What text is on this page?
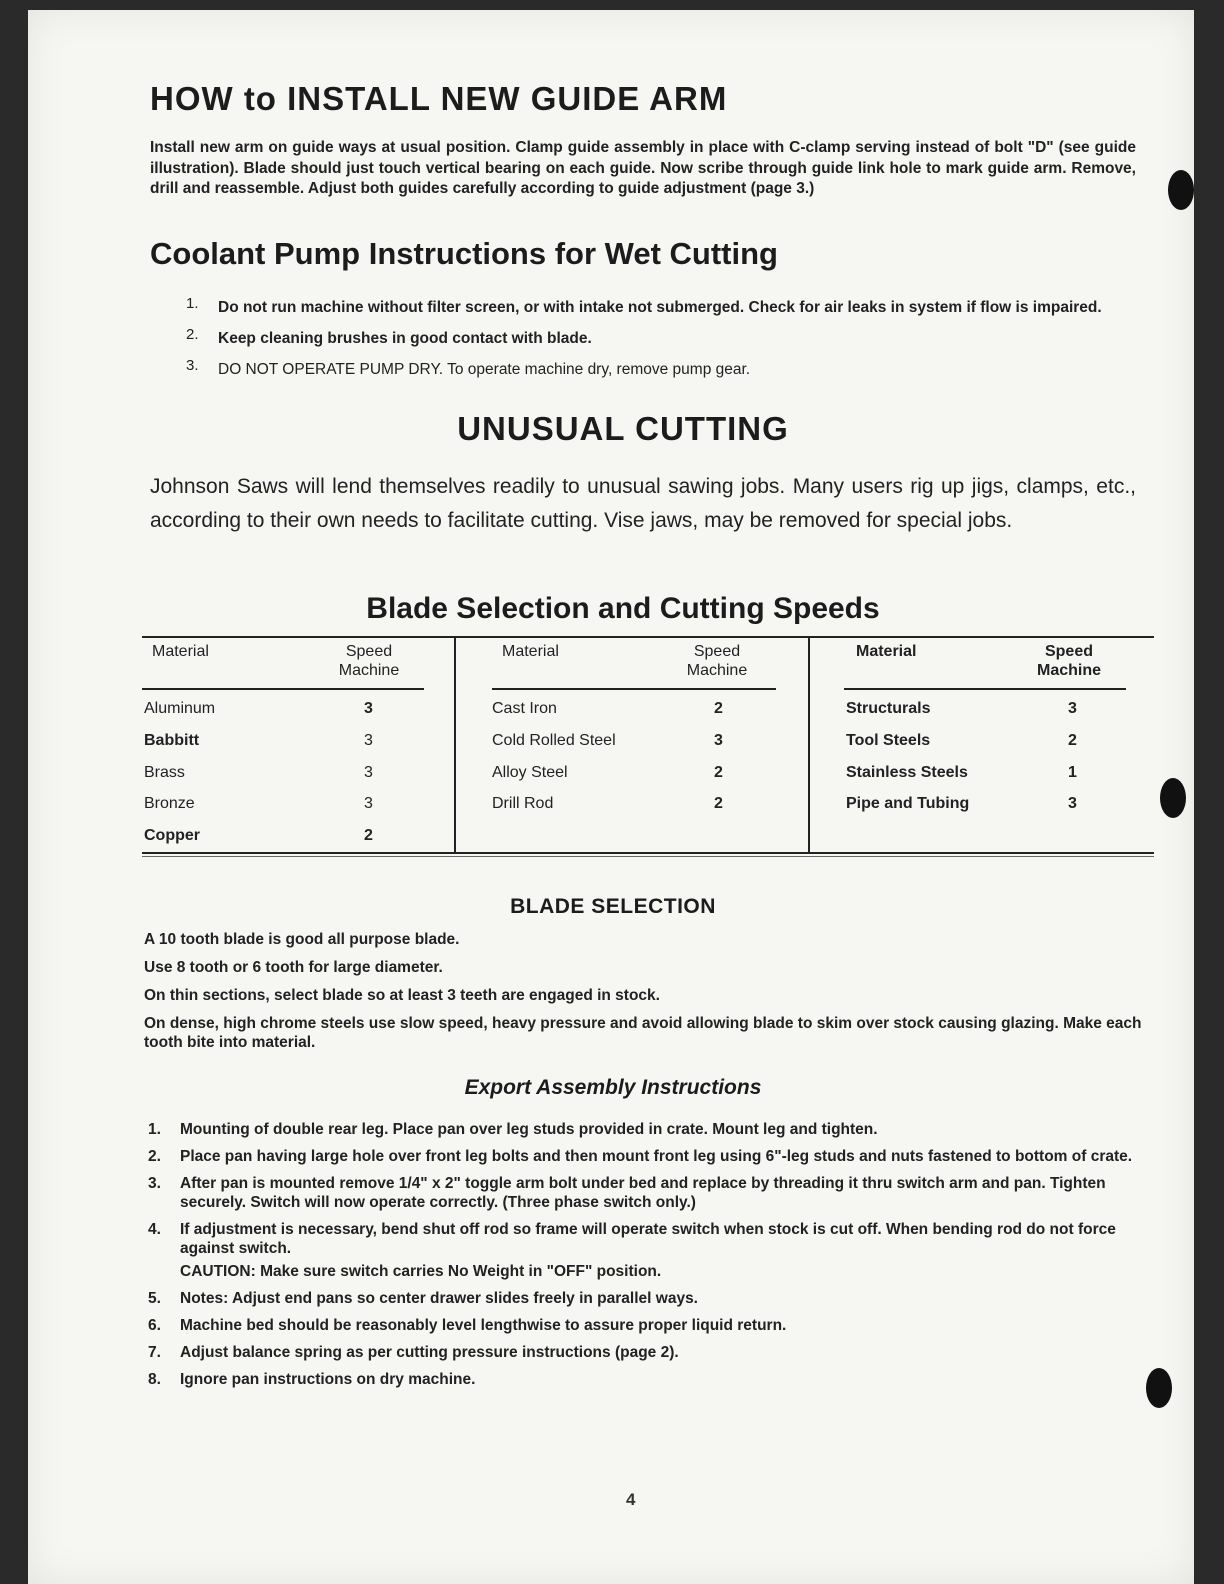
HOW to INSTALL NEW GUIDE ARM

Install new arm on guide ways at usual position. Clamp guide assembly in place with C-clamp serving instead of bolt "D" (see guide illustration). Blade should just touch vertical bearing on each guide. Now scribe through guide link hole to mark guide arm. Remove, drill and reassemble. Adjust both guides carefully according to guide adjustment (page 3.)

Coolant Pump Instructions for Wet Cutting
1. Do not run machine without filter screen, or with intake not submerged. Check for air leaks in system if flow is impaired.
2. Keep cleaning brushes in good contact with blade.
3. DO NOT OPERATE PUMP DRY. To operate machine dry, remove pump gear.
UNUSUAL CUTTING

Johnson Saws will lend themselves readily to unusual sawing jobs. Many users rig up jigs, clamps, etc., according to their own needs to facilitate cutting. Vise jaws, may be removed for special jobs.

Blade Selection and Cutting Speeds
Material	Speed
Machine
Material	Speed
Machine
Material	Speed
Machine
Aluminum	3
Babbitt	3
Brass	3
Bronze	3
Copper	2
Cast Iron	2
Cold Rolled Steel	3
Alloy Steel	2
Drill Rod	2
Structurals	3
Tool Steels	2
Stainless Steels	1
Pipe and Tubing	3
BLADE SELECTION
A 10 tooth blade is good all purpose blade.
Use 8 tooth or 6 tooth for large diameter.
On thin sections, select blade so at least 3 teeth are engaged in stock.
On dense, high chrome steels use slow speed, heavy pressure and avoid allowing blade to skim over stock causing glazing. Make each tooth bite into material.
Export Assembly Instructions
1. Mounting of double rear leg. Place pan over leg studs provided in crate. Mount leg and tighten.
2. Place pan having large hole over front leg bolts and then mount front leg using 6"-leg studs and nuts fastened to bottom of crate.
3. After pan is mounted remove 1/4" x 2" toggle arm bolt under bed and replace by threading it thru switch arm and pan. Tighten securely. Switch will now operate correctly. (Three phase switch only.)
4. If adjustment is necessary, bend shut off rod so frame will operate switch when stock is cut off. When bending rod do not force against switch.
CAUTION: Make sure switch carries No Weight in "OFF" position.
5. Notes: Adjust end pans so center drawer slides freely in parallel ways.
6. Machine bed should be reasonably level lengthwise to assure proper liquid return.
7. Adjust balance spring as per cutting pressure instructions (page 2).
8. Ignore pan instructions on dry machine.
4
